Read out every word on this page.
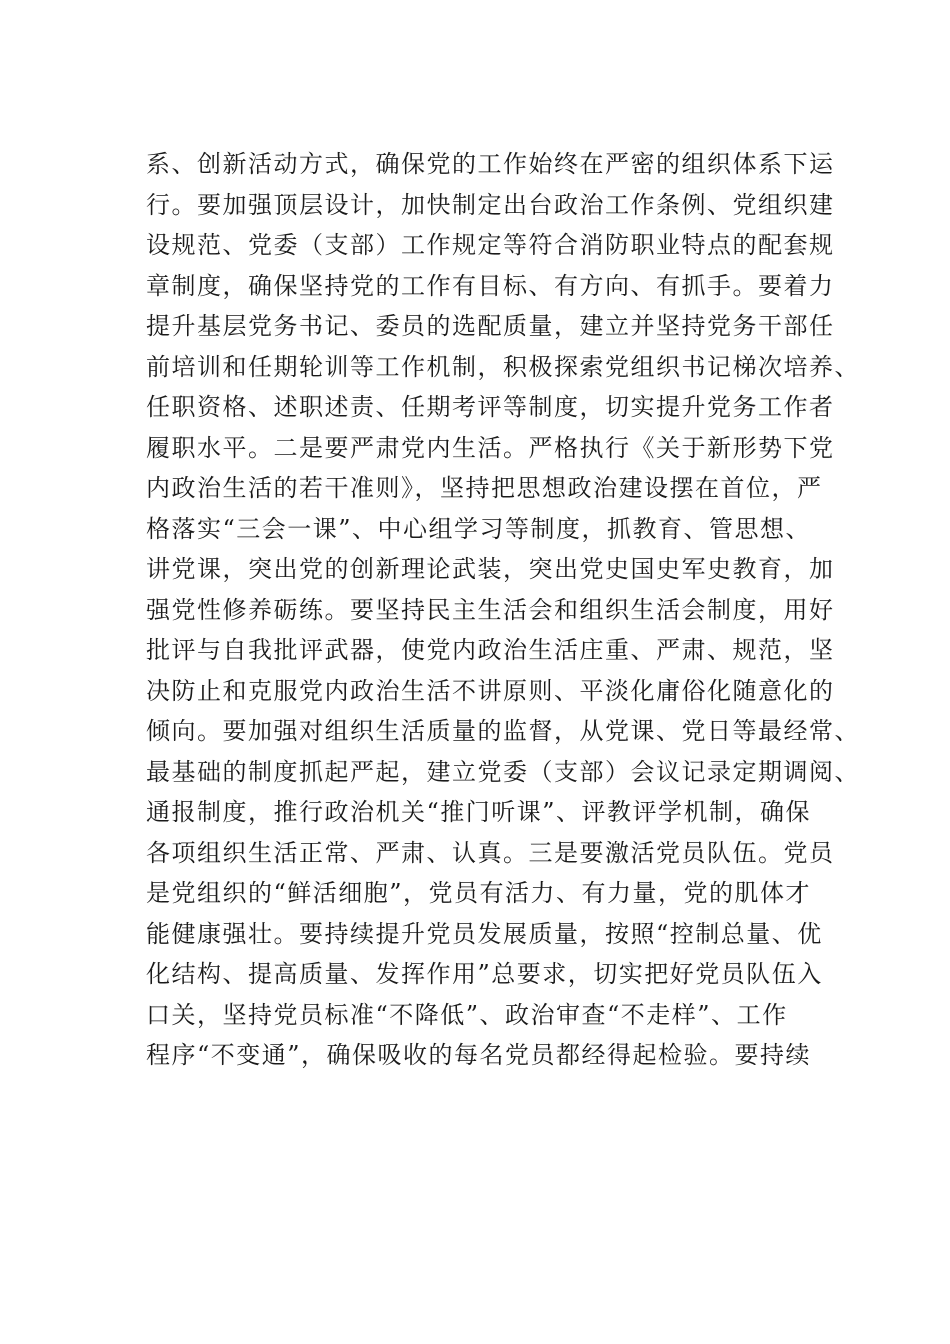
系、创新活动方式，确保党的工作始终在严密的组织体系下运
行。要加强顶层设计，加快制定出台政治工作条例、党组织建
设规范、党委（支部）工作规定等符合消防职业特点的配套规
章制度，确保坚持党的工作有目标、有方向、有抓手。要着力
提升基层党务书记、委员的选配质量，建立并坚持党务干部任
前培训和任期轮训等工作机制，积极探索党组织书记梯次培养、
任职资格、述职述责、任期考评等制度，切实提升党务工作者
履职水平。二是要严肃党内生活。严格执行《关于新形势下党
内政治生活的若干准则》，坚持把思想政治建设摆在首位，严
格落实“三会一课”、中心组学习等制度，抓教育、管思想、
讲党课，突出党的创新理论武装，突出党史国史军史教育，加
强党性修养砺练。要坚持民主生活会和组织生活会制度，用好
批评与自我批评武器，使党内政治生活庄重、严肃、规范，坚
决防止和克服党内政治生活不讲原则、平淡化庸俗化随意化的
倾向。要加强对组织生活质量的监督，从党课、党日等最经常、
最基础的制度抓起严起，建立党委（支部）会议记录定期调阅、
通报制度，推行政治机关“推门听课”、评教评学机制，确保
各项组织生活正常、严肃、认真。三是要激活党员队伍。党员
是党组织的“鲜活细胞”，党员有活力、有力量，党的肌体才
能健康强壮。要持续提升党员发展质量，按照“控制总量、优
化结构、提高质量、发挥作用”总要求，切实把好党员队伍入
口关，坚持党员标准“不降低”、政治审查“不走样”、工作
程序“不变通”，确保吸收的每名党员都经得起检验。要持续
